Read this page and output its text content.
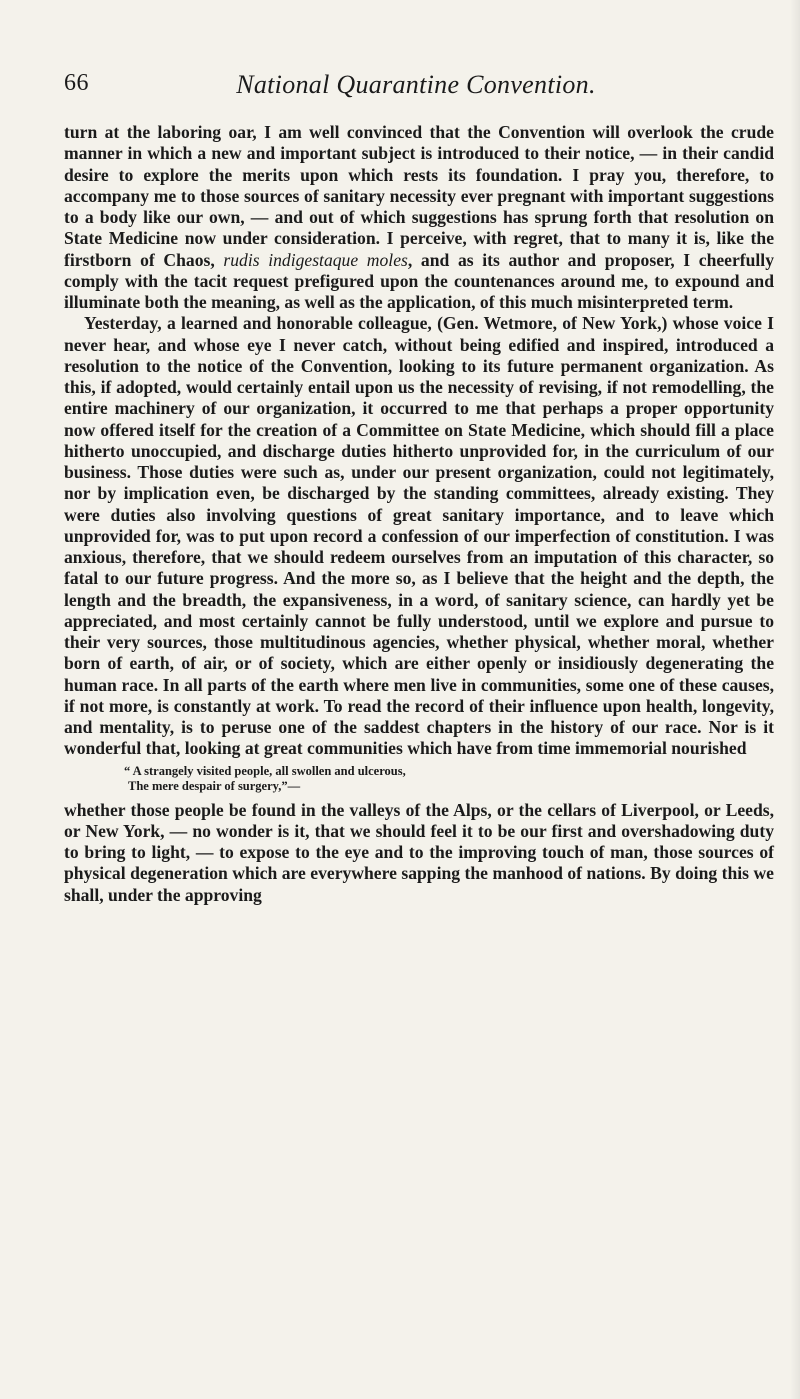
66	National Quarantine Convention.

turn at the laboring oar, I am well convinced that the Convention will overlook the crude manner in which a new and important subject is introduced to their notice, — in their candid desire to explore the merits upon which rests its foundation. I pray you, therefore, to accompany me to those sources of sanitary necessity ever pregnant with important suggestions to a body like our own, — and out of which suggestions has sprung forth that resolution on State Medicine now under consideration. I perceive, with regret, that to many it is, like the firstborn of Chaos, rudis indigestaque moles, and as its author and proposer, I cheerfully comply with the tacit request prefigured upon the countenances around me, to expound and illuminate both the meaning, as well as the application, of this much misinterpreted term.

Yesterday, a learned and honorable colleague, (Gen. Wetmore, of New York,) whose voice I never hear, and whose eye I never catch, without being edified and inspired, introduced a resolution to the notice of the Convention, looking to its future permanent organization. As this, if adopted, would certainly entail upon us the necessity of revising, if not remodelling, the entire machinery of our organization, it occurred to me that perhaps a proper opportunity now offered itself for the creation of a Committee on State Medicine, which should fill a place hitherto unoccupied, and discharge duties hitherto unprovided for, in the curriculum of our business. Those duties were such as, under our present organization, could not legitimately, nor by implication even, be discharged by the standing committees, already existing. They were duties also involving questions of great sanitary importance, and to leave which unprovided for, was to put upon record a confession of our imperfection of constitution. I was anxious, therefore, that we should redeem ourselves from an imputation of this character, so fatal to our future progress. And the more so, as I believe that the height and the depth, the length and the breadth, the expansiveness, in a word, of sanitary science, can hardly yet be appreciated, and most certainly cannot be fully understood, until we explore and pursue to their very sources, those multitudinous agencies, whether physical, whether moral, whether born of earth, of air, or of society, which are either openly or insidiously degenerating the human race. In all parts of the earth where men live in communities, some one of these causes, if not more, is constantly at work. To read the record of their influence upon health, longevity, and mentality, is to peruse one of the saddest chapters in the history of our race. Nor is it wonderful that, looking at great communities which have from time immemorial nourished

“ A strangely visited people, all swollen and ulcerous,
The mere despair of surgery,”—

whether those people be found in the valleys of the Alps, or the cellars of Liverpool, or Leeds, or New York, — no wonder is it, that we should feel it to be our first and overshadowing duty to bring to light, — to expose to the eye and to the improving touch of man, those sources of physical degeneration which are everywhere sapping the manhood of nations. By doing this we shall, under the approving
